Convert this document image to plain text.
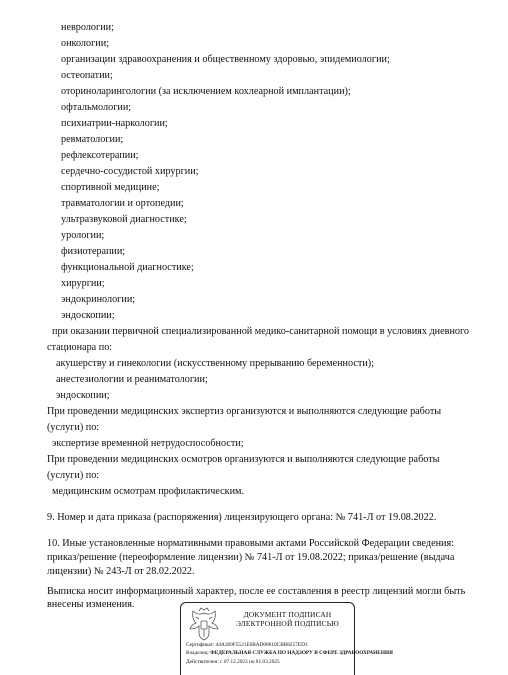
неврологии;
онкологии;
организации здравоохранения и общественному здоровью, эпидемиологии;
остеопатии;
оториноларингологии (за исключением кохлеарной имплантации);
офтальмологии;
психиатрии-наркологии;
ревматологии;
рефлексотерапии;
сердечно-сосудистой хирургии;
спортивной медицине;
травматологии и ортопедии;
ультразвуковой диагностике;
урологии;
физиотерапии;
функциональной диагностике;
хирургии;
эндокринологии;
эндоскопии;
при оказании первичной специализированной медико-санитарной помощи в условиях дневного
стационара по:
акушерству и гинекологии (искусственному прерыванию беременности);
анестезиологии и реаниматологии;
эндоскопии;
При проведении медицинских экспертиз организуются и выполняются следующие работы
(услуги) по:
экспертизе временной нетрудоспособности;
При проведении медицинских осмотров организуются и выполняются следующие работы
(услуги) по:
медицинским осмотрам профилактическим.
9. Номер и дата приказа (распоряжения) лицензирующего органа: № 741-Л от 19.08.2022.
10. Иные установленные нормативными правовыми актами Российской Федерации сведения:
приказ/решение (переоформление лицензии) № 741-Л от 19.08.2022; приказ/решение (выдача
лицензии) № 243-Л от 28.02.2022.
Выписка носит информационный характер, после ее составления в реестр лицензий могли быть
внесены изменения.
ДОКУМЕНТ ПОДПИСАН
ЭЛЕКТРОННОЙ ПОДПИСЬЮ
Сертификат: 44A369F5521E0BAD08610CBB8257ED3
Владелец: ФЕДЕРАЛЬНАЯ СЛУЖБА ПО НАДЗОРУ В СФЕРЕ ЗДРАВООХРАНЕНИЯ
Действителен: с 07.12.2023 по 01.03.2025
